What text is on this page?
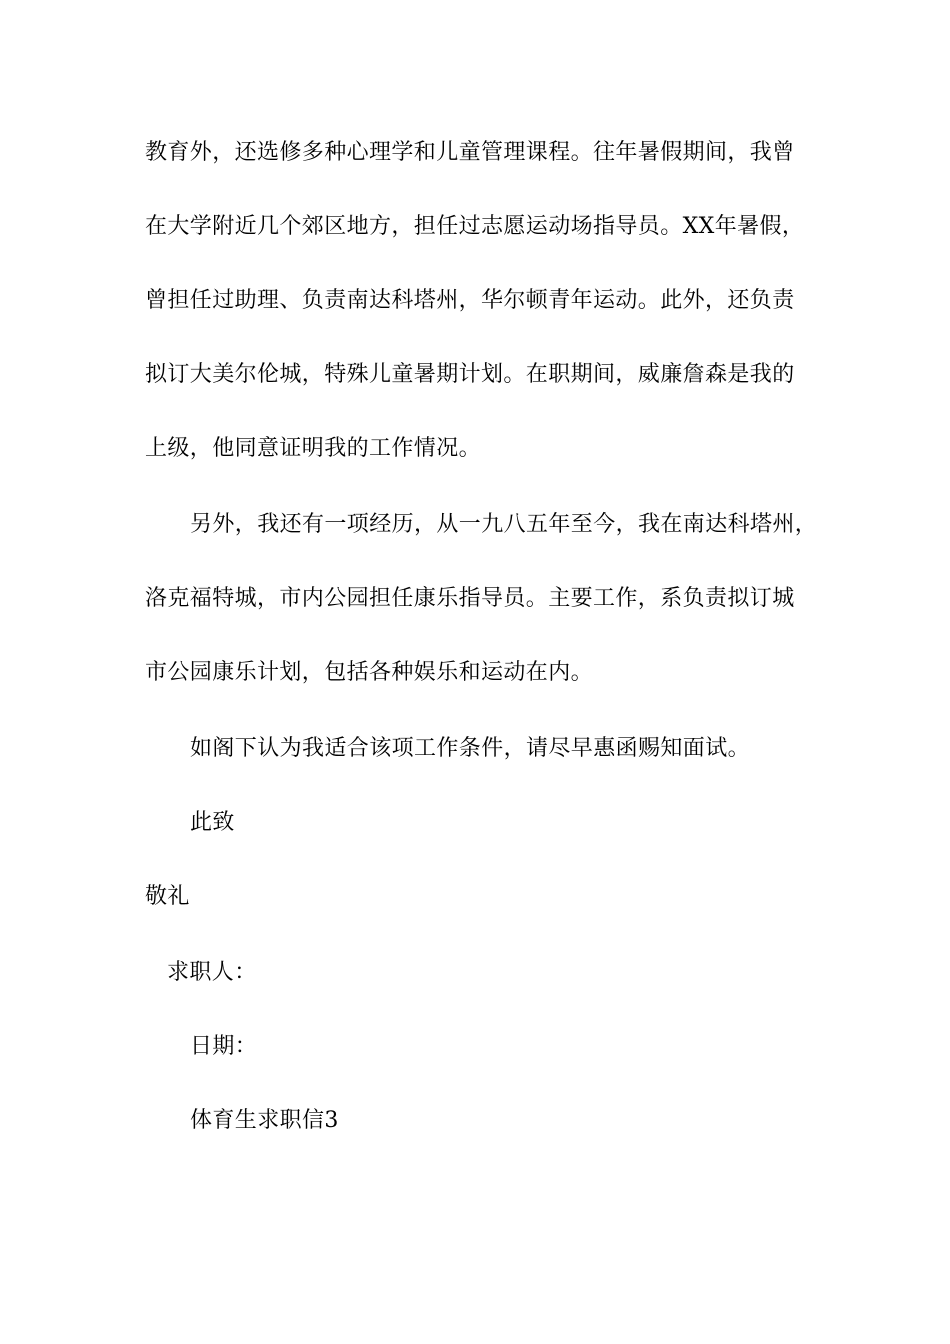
教育外，还选修多种心理学和儿童管理课程。往年暑假期间，我曾
在大学附近几个郊区地方，担任过志愿运动场指导员。XX年暑假，
曾担任过助理、负责南达科塔州，华尔顿青年运动。此外，还负责
拟订大美尔伦城，特殊儿童暑期计划。在职期间，威廉詹森是我的
上级，他同意证明我的工作情况。
另外，我还有一项经历，从一九八五年至今，我在南达科塔州，
洛克福特城，市内公园担任康乐指导员。主要工作，系负责拟订城
市公园康乐计划，包括各种娱乐和运动在内。
如阁下认为我适合该项工作条件，请尽早惠函赐知面试。
此致
敬礼
求职人：
日期：
体育生求职信3
